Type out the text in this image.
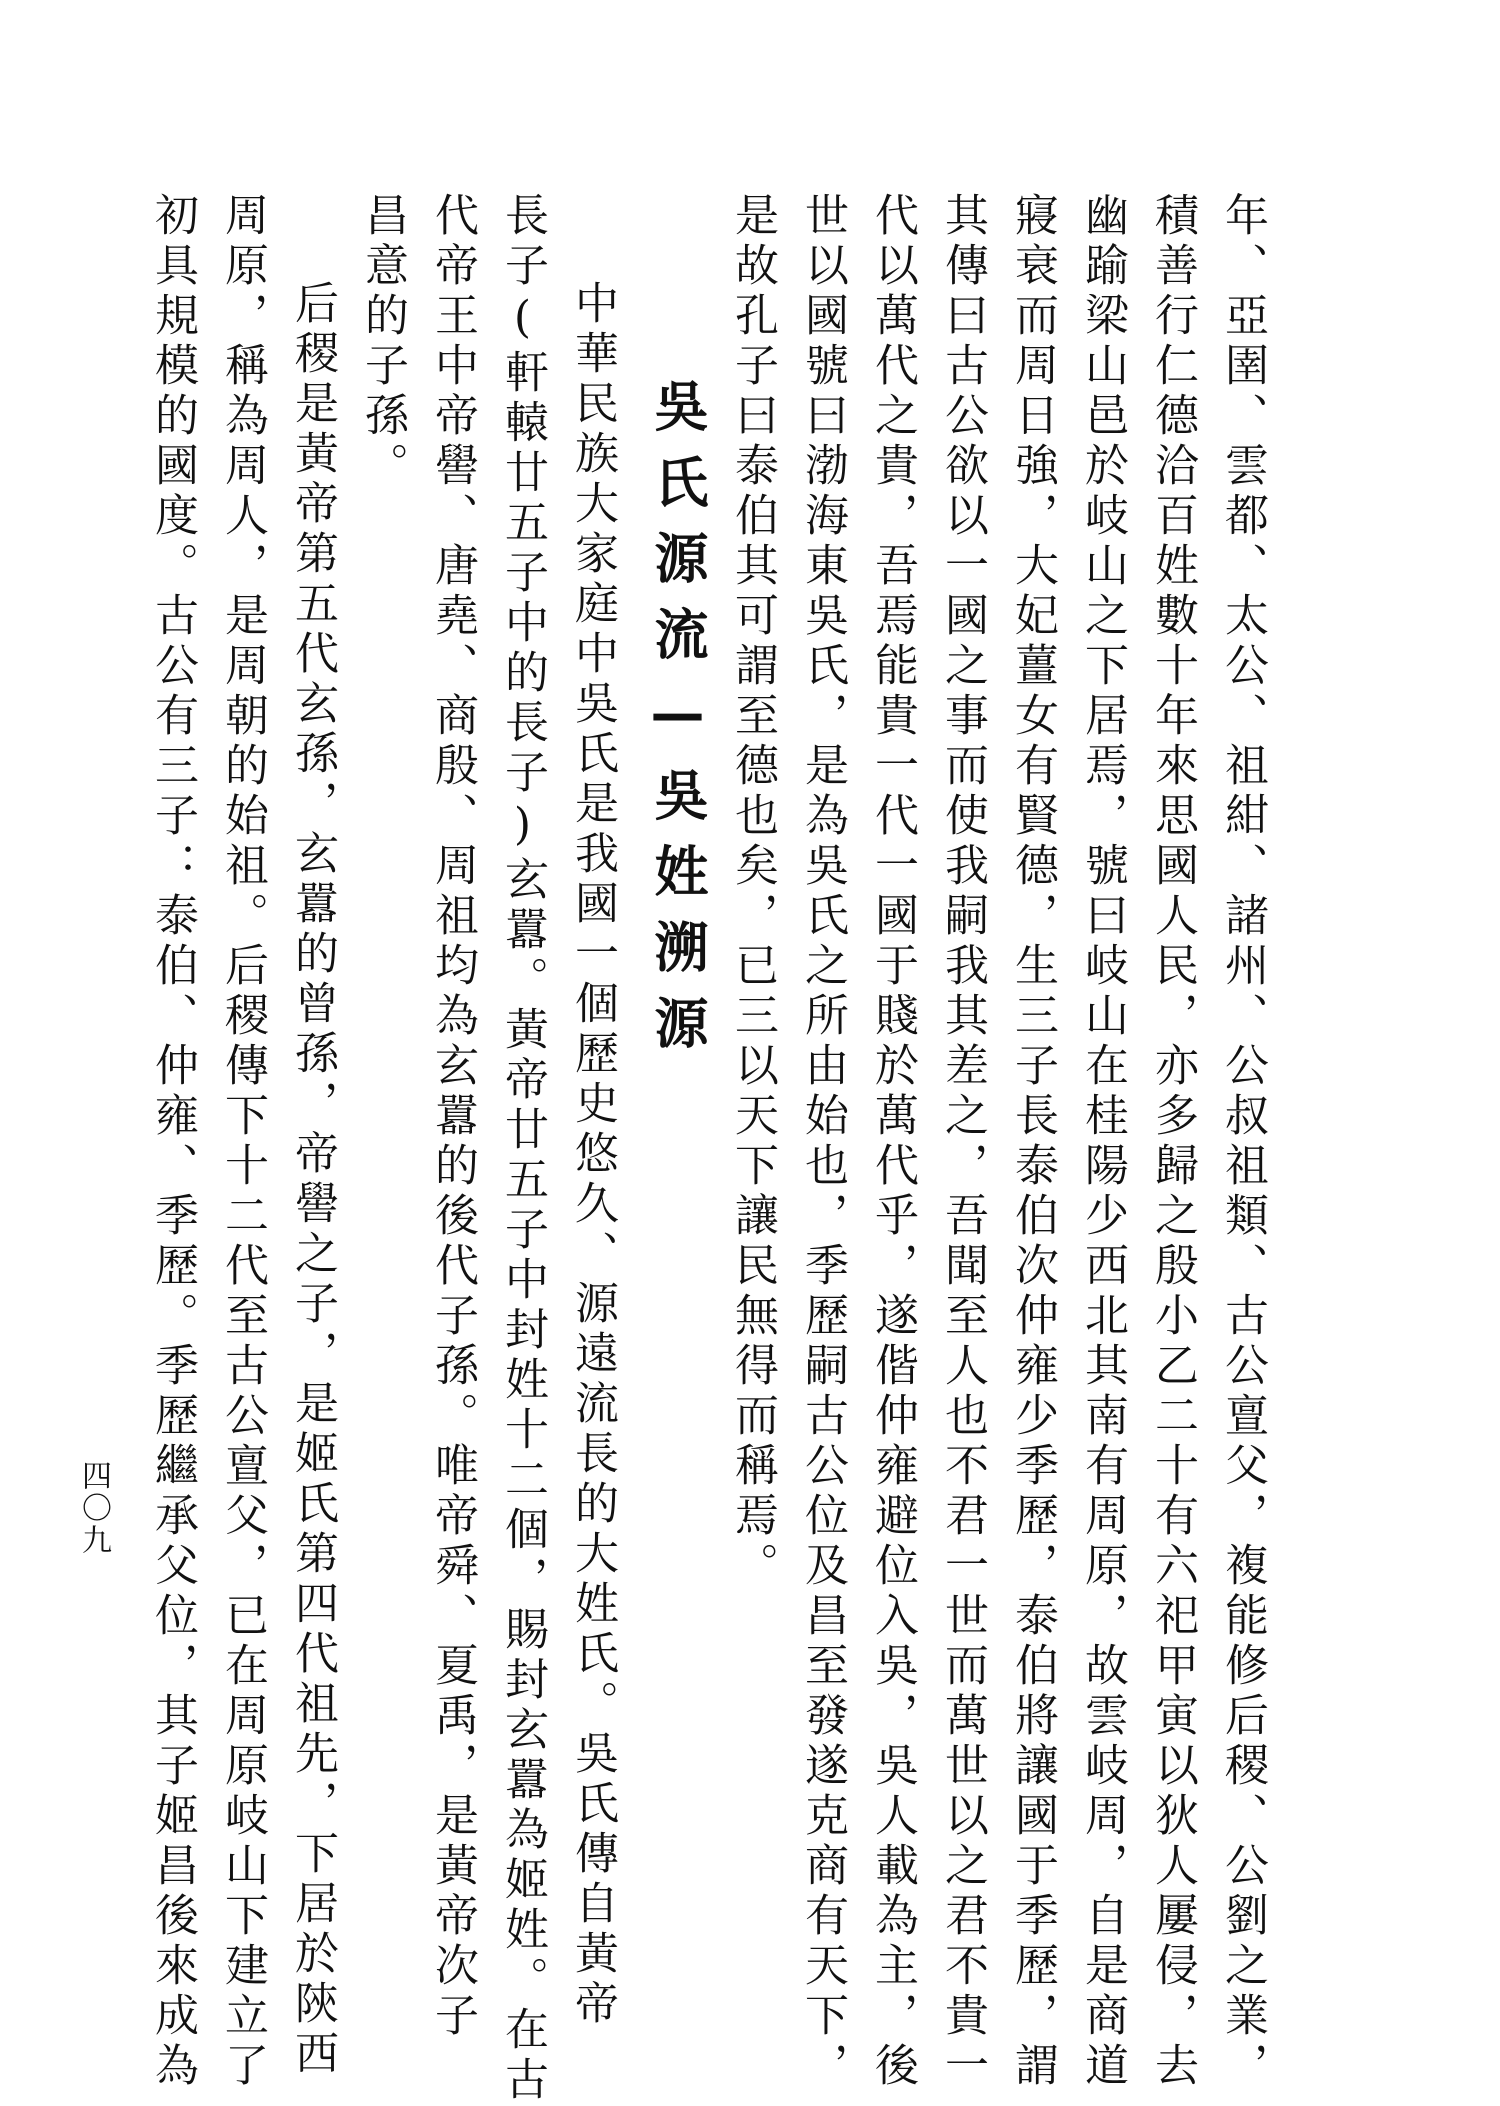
年、亞圉、雲都、太公、祖紺、諸州、公叔祖類、古公亶父，複能修后稷、公劉之業，
積善行仁德洽百姓數十年來思國人民，亦多歸之殷小乙二十有六祀甲寅以狄人屢侵，去
幽踰梁山邑於岐山之下居焉，號曰岐山在桂陽少西北其南有周原，故雲岐周，自是商道
寢衰而周日強，大妃薑女有賢德，生三子長泰伯次仲雍少季歷，泰伯將讓國于季歷，謂
其傳曰古公欲以一國之事而使我嗣我其差之，吾聞至人也不君一世而萬世以之君不貴一
代以萬代之貴，吾焉能貴一代一國于賤於萬代乎，遂偕仲雍避位入吳，吳人載為主，後
世以國號曰渤海東吳氏，是為吳氏之所由始也，季歷嗣古公位及昌至發遂克商有天下，
是故孔子曰泰伯其可謂至德也矣，已三以天下讓民無得而稱焉。
吳氏源流—吳姓溯源
中華民族大家庭中吳氏是我國一個歷史悠久、源遠流長的大姓氏。吳氏傳自黃帝
長子(軒轅廿五子中的長子)玄囂。黃帝廿五子中封姓十二個，賜封玄囂為姬姓。在古
代帝王中帝嚳、唐堯、商殷、周祖均為玄囂的後代子孫。唯帝舜、夏禹，是黃帝次子
昌意的子孫。
后稷是黃帝第五代玄孫，玄囂的曾孫，帝嚳之子，是姬氏第四代祖先，下居於陝西
周原，稱為周人，是周朝的始祖。后稷傳下十二代至古公亶父，已在周原岐山下建立了
初具規模的國度。古公有三子：泰伯、仲雍、季歷。季歷繼承父位，其子姬昌後來成為
四〇九
